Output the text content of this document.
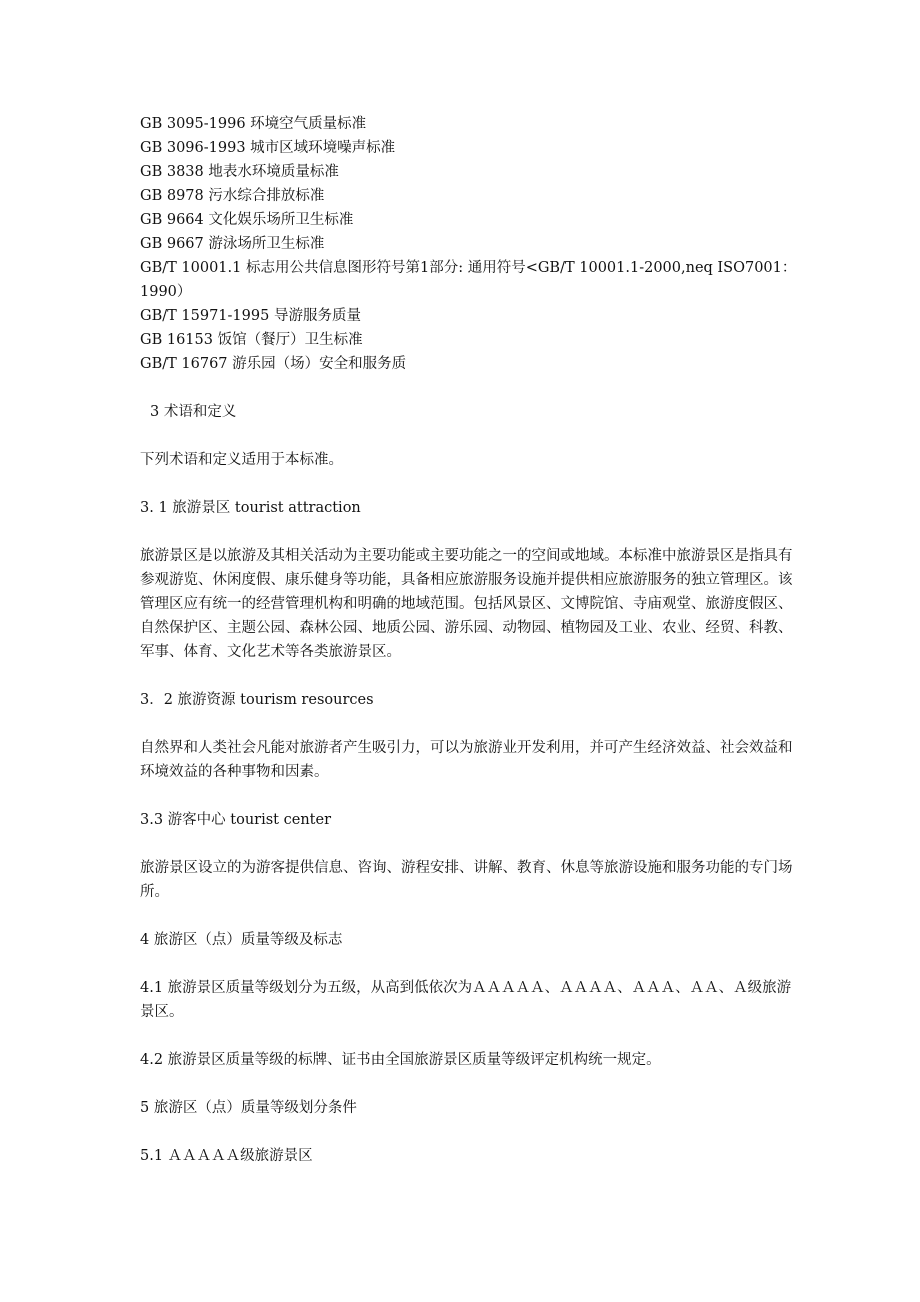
GB 3095-1996 环境空气质量标准
GB 3096-1993 城市区域环境噪声标准
GB 3838 地表水环境质量标准
GB 8978 污水综合排放标准
GB 9664 文化娱乐场所卫生标准
GB 9667 游泳场所卫生标准
GB/T 10001.1 标志用公共信息图形符号第1部分: 通用符号<GB/T 10001.1-2000,neq ISO7001：1990）
GB/T 15971-1995 导游服务质量
GB 16153 饭馆（餐厅）卫生标准
GB/T 16767 游乐园（场）安全和服务质

3 术语和定义

下列术语和定义适用于本标准。

3. 1 旅游景区 tourist attraction

旅游景区是以旅游及其相关活动为主要功能或主要功能之一的空间或地域。本标准中旅游景区是指具有参观游览、休闲度假、康乐健身等功能，具备相应旅游服务设施并提供相应旅游服务的独立管理区。该管理区应有统一的经营管理机构和明确的地域范围。包括风景区、文博院馆、寺庙观堂、旅游度假区、自然保护区、主题公园、森林公园、地质公园、游乐园、动物园、植物园及工业、农业、经贸、科教、军事、体育、文化艺术等各类旅游景区。

3．2 旅游资源 tourism resources

自然界和人类社会凡能对旅游者产生吸引力，可以为旅游业开发利用，并可产生经济效益、社会效益和环境效益的各种事物和因素。

3.3 游客中心 tourist center

旅游景区设立的为游客提供信息、咨询、游程安排、讲解、教育、休息等旅游设施和服务功能的专门场所。

4 旅游区（点）质量等级及标志

4.1 旅游景区质量等级划分为五级，从高到低依次为ＡＡＡＡＡ、ＡＡＡＡ、ＡＡＡ、ＡＡ、Ａ级旅游景区。

4.2 旅游景区质量等级的标牌、证书由全国旅游景区质量等级评定机构统一规定。

5 旅游区（点）质量等级划分条件

5.1 ＡＡＡＡＡ级旅游景区
